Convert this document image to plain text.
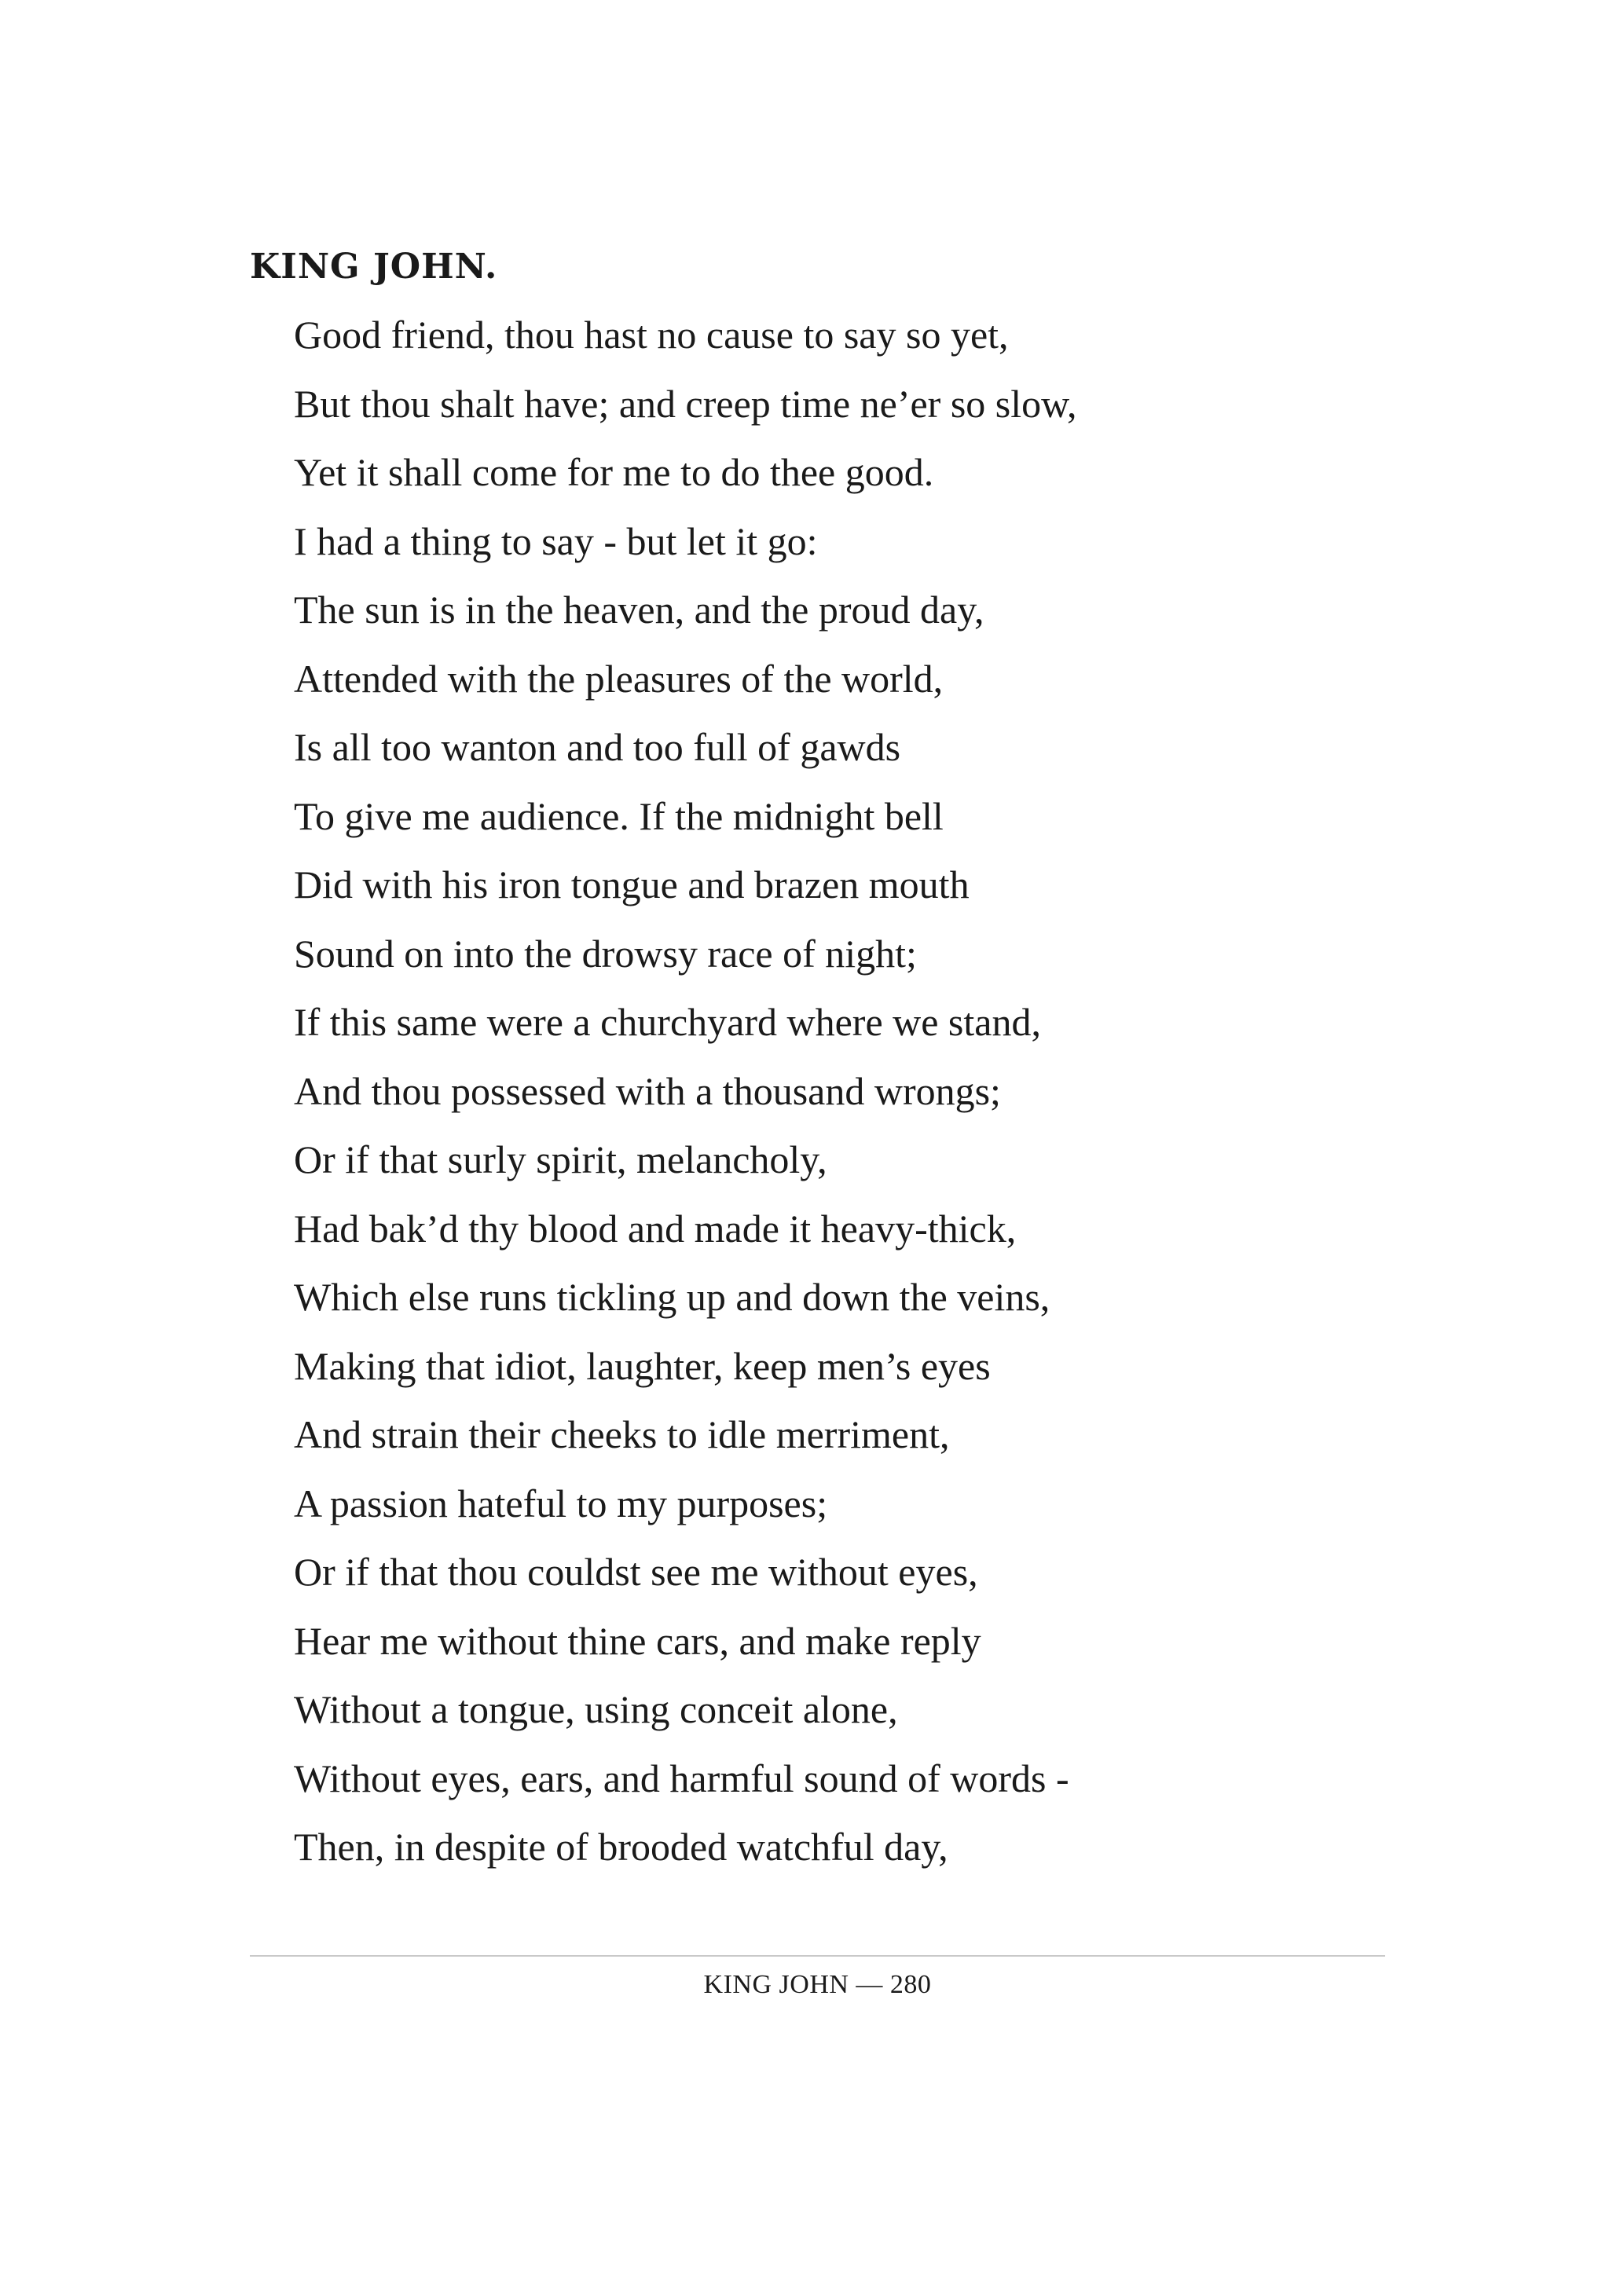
KING JOHN.
Good friend, thou hast no cause to say so yet,
But thou shalt have; and creep time ne’er so slow,
Yet it shall come for me to do thee good.
I had a thing to say - but let it go:
The sun is in the heaven, and the proud day,
Attended with the pleasures of the world,
Is all too wanton and too full of gawds
To give me audience. If the midnight bell
Did with his iron tongue and brazen mouth
Sound on into the drowsy race of night;
If this same were a churchyard where we stand,
And thou possessed with a thousand wrongs;
Or if that surly spirit, melancholy,
Had bak’d thy blood and made it heavy-thick,
Which else runs tickling up and down the veins,
Making that idiot, laughter, keep men’s eyes
And strain their cheeks to idle merriment,
A passion hateful to my purposes;
Or if that thou couldst see me without eyes,
Hear me without thine cars, and make reply
Without a tongue, using conceit alone,
Without eyes, ears, and harmful sound of words -
Then, in despite of brooded watchful day,
KING JOHN — 280
